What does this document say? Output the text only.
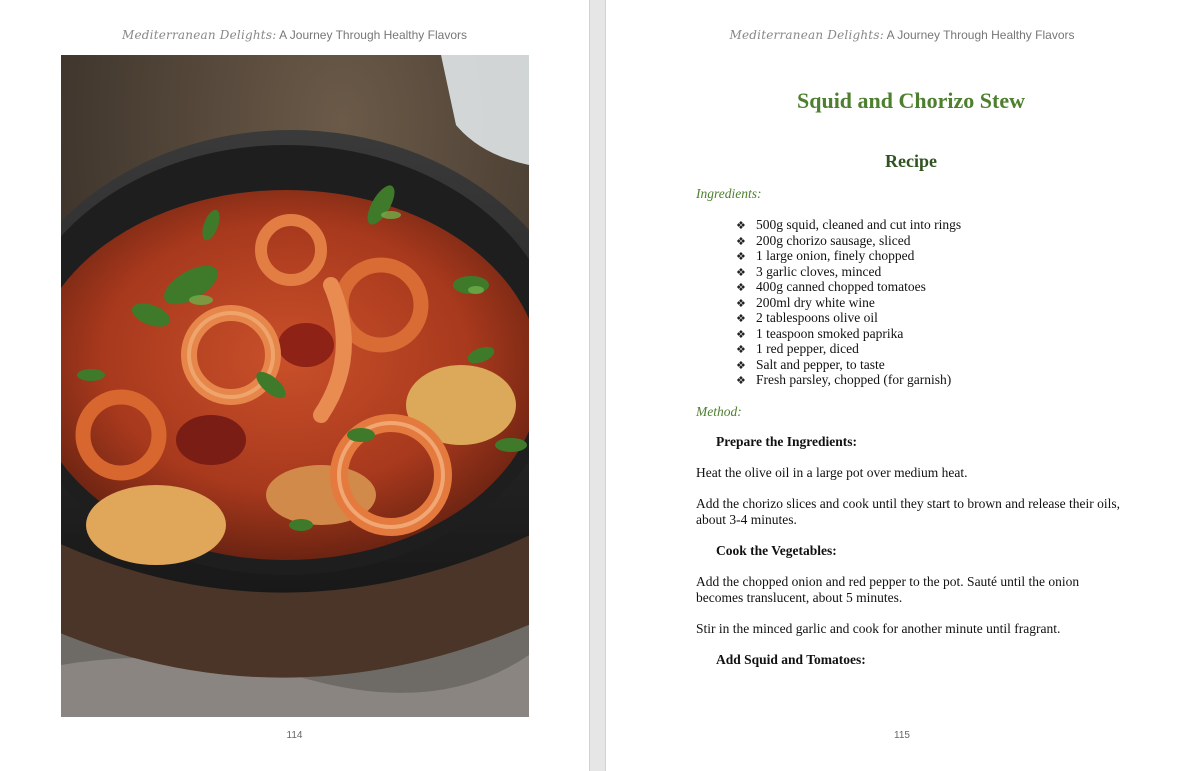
Mediterranean Delights: A Journey Through Healthy Flavors
114
Mediterranean Delights: A Journey Through Healthy Flavors
Squid and Chorizo Stew
Recipe
Ingredients:
❖ 500g squid, cleaned and cut into rings
❖ 200g chorizo sausage, sliced
❖ 1 large onion, finely chopped
❖ 3 garlic cloves, minced
❖ 400g canned chopped tomatoes
❖ 200ml dry white wine
❖ 2 tablespoons olive oil
❖ 1 teaspoon smoked paprika
❖ 1 red pepper, diced
❖ Salt and pepper, to taste
❖ Fresh parsley, chopped (for garnish)
Method:
Prepare the Ingredients:
Heat the olive oil in a large pot over medium heat.
Add the chorizo slices and cook until they start to brown and release their oils, about 3-4 minutes.
Cook the Vegetables:
Add the chopped onion and red pepper to the pot. Sauté until the onion becomes translucent, about 5 minutes.
Stir in the minced garlic and cook for another minute until fragrant.
Add Squid and Tomatoes:
115
